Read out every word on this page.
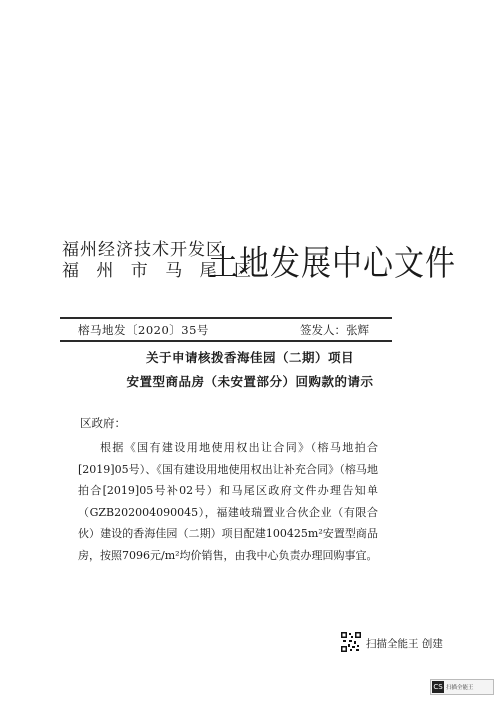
福州经济技术开发区
福 州 市 马 尾 区
土地发展中心文件
榕马地发〔2020〕35号	签发人：张辉
关于申请核拨香海佳园（二期）项目
安置型商品房（未安置部分）回购款的请示
区政府：
根据《国有建设用地使用权出让合同》（榕马地拍合[2019]05号）、《国有建设用地使用权出让补充合同》（榕马地拍合[2019]05号补02号）和马尾区政府文件办理告知单（GZB202004090045），福建岐瑞置业合伙企业（有限合伙）建设的香海佳园（二期）项目配建100425m²安置型商品房，按照7096元/m²均价销售，由我中心负责办理回购事宜。
扫描全能王 创建
CS 扫描全能王
